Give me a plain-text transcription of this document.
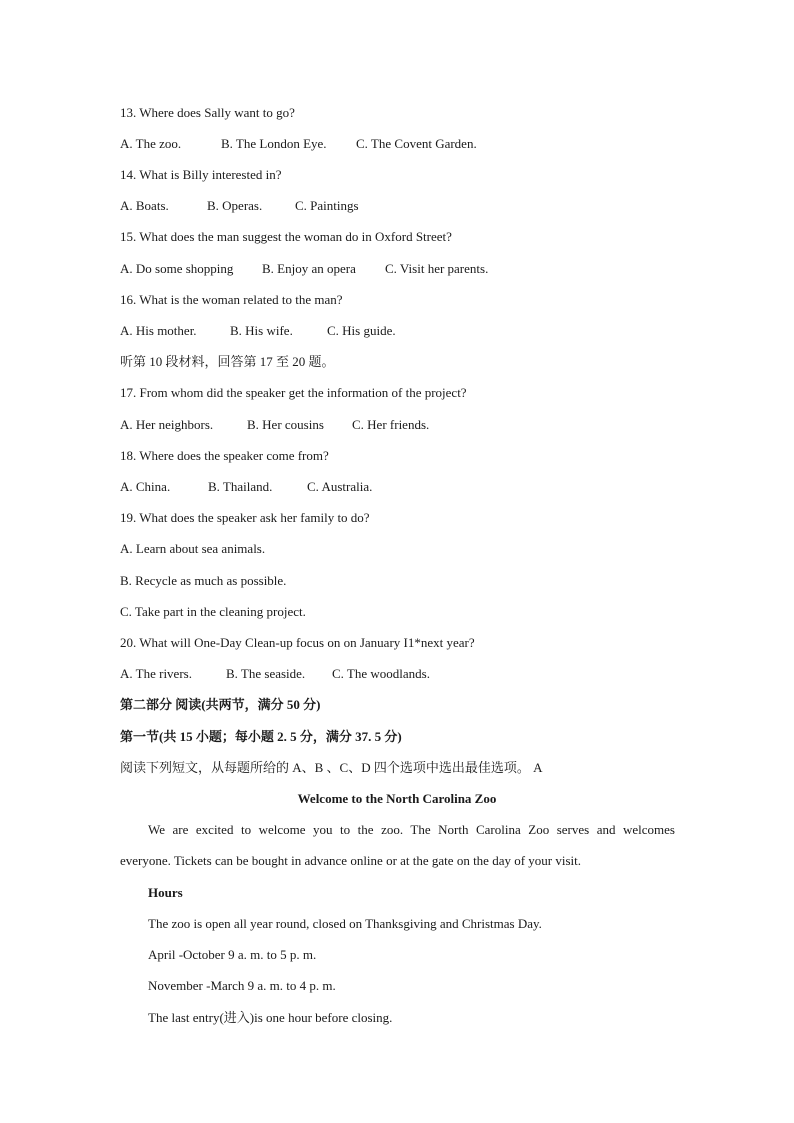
13. Where does Sally want to go?
A. The zoo.	B. The London Eye. C. The Covent Garden.
14. What is Billy interested in?
A. Boats.	B. Operas.	C. Paintings
15. What does the man suggest the woman do in Oxford Street?
A. Do some shopping B. Enjoy an opera C. Visit her parents.
16. What is the woman related to the man?
A. His mother.	B. His wife.	C. His guide.
听第 10 段材料，回答第 17 至 20 题。
17. From whom did the speaker get the information of the project?
A. Her neighbors.	B. Her cousins C. Her friends.
18. Where does the speaker come from?
A. China.	B. Thailand.	C. Australia.
19. What does the speaker ask her family to do?
A. Learn about sea animals.
B. Recycle as much as possible.
C. Take part in the cleaning project.
20. What will One-Day Clean-up focus on on January I1*next year?
A. The rivers.	B. The seaside. C. The woodlands.
第二部分 阅读(共两节，满分 50 分)
第一节(共 15 小题；每小题 2. 5 分，满分 37. 5 分)
阅读下列短文，从每题所给的 A、B 、C、D 四个选项中选出最佳选项。 A
Welcome to the North Carolina Zoo
We are excited to welcome you to the zoo. The North Carolina Zoo serves and welcomes
everyone. Tickets can be bought in advance online or at the gate on the day of your visit.
Hours
The zoo is open all year round, closed on Thanksgiving and Christmas Day.
April -October 9 a. m. to 5 p. m.
November -March 9 a. m. to 4 p. m.
The last entry(进入)is one hour before closing.
